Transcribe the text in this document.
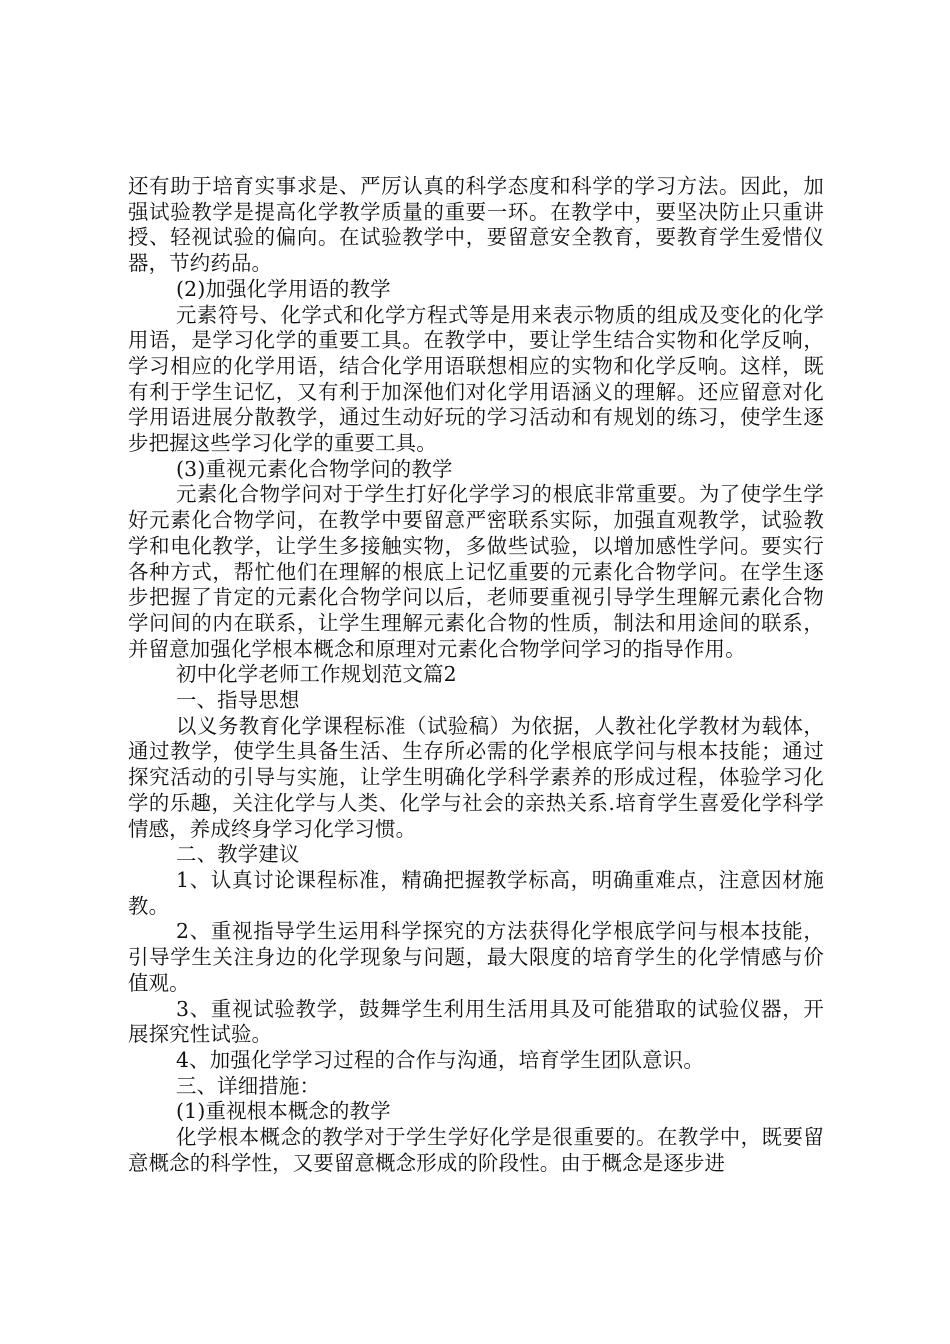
还有助于培育实事求是、严厉认真的科学态度和科学的学习方法。因此，加强试验教学是提高化学教学质量的重要一环。在教学中，要坚决防止只重讲授、轻视试验的偏向。在试验教学中，要留意安全教育，要教育学生爱惜仪器，节约药品。

(2)加强化学用语的教学

元素符号、化学式和化学方程式等是用来表示物质的组成及变化的化学用语，是学习化学的重要工具。在教学中，要让学生结合实物和化学反响，学习相应的化学用语，结合化学用语联想相应的实物和化学反响。这样，既有利于学生记忆，又有利于加深他们对化学用语涵义的理解。还应留意对化学用语进展分散教学，通过生动好玩的学习活动和有规划的练习，使学生逐步把握这些学习化学的重要工具。

(3)重视元素化合物学问的教学

元素化合物学问对于学生打好化学学习的根底非常重要。为了使学生学好元素化合物学问，在教学中要留意严密联系实际，加强直观教学，试验教学和电化教学，让学生多接触实物，多做些试验，以增加感性学问。要实行各种方式，帮忙他们在理解的根底上记忆重要的元素化合物学问。在学生逐步把握了肯定的元素化合物学问以后，老师要重视引导学生理解元素化合物学问间的内在联系，让学生理解元素化合物的性质，制法和用途间的联系，并留意加强化学根本概念和原理对元素化合物学问学习的指导作用。

初中化学老师工作规划范文篇2

一、指导思想

以义务教育化学课程标准（试验稿）为依据，人教社化学教材为载体，通过教学，使学生具备生活、生存所必需的化学根底学问与根本技能；通过探究活动的引导与实施，让学生明确化学科学素养的形成过程，体验学习化学的乐趣，关注化学与人类、化学与社会的亲热关系.培育学生喜爱化学科学情感，养成终身学习化学习惯。

二、教学建议

1、认真讨论课程标准，精确把握教学标高，明确重难点，注意因材施教。

2、重视指导学生运用科学探究的方法获得化学根底学问与根本技能，引导学生关注身边的化学现象与问题，最大限度的培育学生的化学情感与价值观。

3、重视试验教学，鼓舞学生利用生活用具及可能猎取的试验仪器，开展探究性试验。

4、加强化学学习过程的合作与沟通，培育学生团队意识。

三、详细措施：

(1)重视根本概念的教学

化学根本概念的教学对于学生学好化学是很重要的。在教学中，既要留意概念的科学性，又要留意概念形成的阶段性。由于概念是逐步进
